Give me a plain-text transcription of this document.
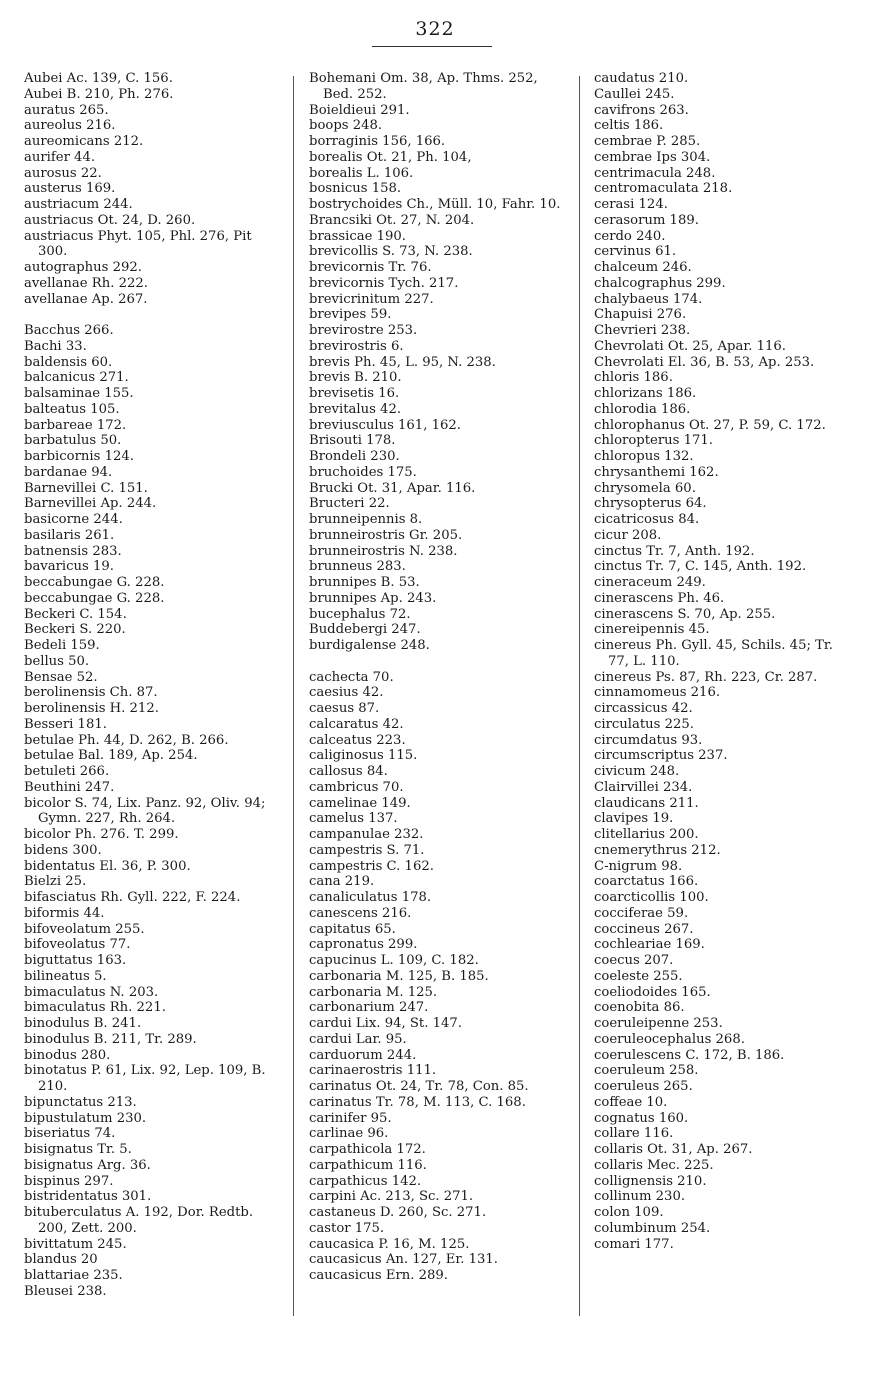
322
Aubei Ac. 139, C. 156.
Aubei B. 210, Ph. 276.
auratus 265.
aureolus 216.
aureomicans 212.
aurifer 44.
aurosus 22.
austerus 169.
austriacum 244.
austriacus Ot. 24, D. 260.
austriacus Phyt. 105, Phl. 276, Pit 300.
autographus 292.
avellanae Rh. 222.
avellanae Ap. 267.
Bacchus 266.
Bachi 33.
baldensis 60.
balcanicus 271.
balsaminae 155.
balteatus 105.
barbareae 172.
barbatulus 50.
barbicornis 124.
bardanae 94.
Barnevillei C. 151.
Barnevillei Ap. 244.
basicorne 244.
basilaris 261.
batnensis 283.
bavaricus 19.
beccabungae G. 228.
beccabungae G. 228.
Beckeri C. 154.
Beckeri S. 220.
Bedeli 159.
bellus 50.
Bensae 52.
berolinensis Ch. 87.
berolinensis H. 212.
Besseri 181.
betulae Ph. 44, D. 262, B. 266.
betulae Bal. 189, Ap. 254.
betuleti 266.
Beuthini 247.
bicolor S. 74, Lix. Panz. 92, Oliv. 94; Gymn. 227, Rh. 264.
bicolor Ph. 276. T. 299.
bidens 300.
bidentatus El. 36, P. 300.
Bielzi 25.
bifasciatus Rh. Gyll. 222, F. 224.
biformis 44.
bifoveolatum 255.
bifoveolatus 77.
biguttatus 163.
bilineatus 5.
bimaculatus N. 203.
bimaculatus Rh. 221.
binodulus B. 241.
binodulus B. 211, Tr. 289.
binodus 280.
binotatus P. 61, Lix. 92, Lep. 109, B. 210.
bipunctatus 213.
bipustulatum 230.
biseriatus 74.
bisignatus Tr. 5.
bisignatus Arg. 36.
bispinus 297.
bistridentatus 301.
bituberculatus A. 192, Dor. Redtb. 200, Zett. 200.
bivittatum 245.
blandus 20
blattariae 235.
Bleusei 238.
Bohemani Om. 38, Ap. Thms. 252, Bed. 252.
Boieldieui 291.
boops 248.
borraginis 156, 166.
borealis Ot. 21, Ph. 104,
borealis L. 106.
bosnicus 158.
bostrychoides Ch., Müll. 10, Fahr. 10.
Brancsiki Ot. 27, N. 204.
brassicae 190.
brevicollis S. 73, N. 238.
brevicornis Tr. 76.
brevicornis Tych. 217.
brevicrinitum 227.
brevipes 59.
brevirostre 253.
brevirostris 6.
brevis Ph. 45, L. 95, N. 238.
brevis B. 210.
brevisetis 16.
brevitalus 42.
breviusculus 161, 162.
Brisouti 178.
Brondeli 230.
bruchoides 175.
Brucki Ot. 31, Apar. 116.
Bructeri 22.
brunneipennis 8.
brunneirostris Gr. 205.
brunneirostris N. 238.
brunneus 283.
brunnipes B. 53.
brunnipes Ap. 243.
bucephalus 72.
Buddebergi 247.
burdigalense 248.
cachecta 70.
caesius 42.
caesus 87.
calcaratus 42.
calceatus 223.
caliginosus 115.
callosus 84.
cambricus 70.
camelinae 149.
camelus 137.
campanulae 232.
campestris S. 71.
campestris C. 162.
cana 219.
canaliculatus 178.
canescens 216.
capitatus 65.
capronatus 299.
capucinus L. 109, C. 182.
carbonaria M. 125, B. 185.
carbonaria M. 125.
carbonarium 247.
cardui Lix. 94, St. 147.
cardui Lar. 95.
carduorum 244.
carinaerostris 111.
carinatus Ot. 24, Tr. 78, Con. 85.
carinatus Tr. 78, M. 113, C. 168.
carinifer 95.
carlinae 96.
carpathicola 172.
carpathicum 116.
carpathicus 142.
carpini Ac. 213, Sc. 271.
castaneus D. 260, Sc. 271.
castor 175.
caucasica P. 16, M. 125.
caucasicus An. 127, Er. 131.
caucasicus Ern. 289.
caudatus 210.
Caullei 245.
cavifrons 263.
celtis 186.
cembrae P. 285.
cembrae Ips 304.
centrimacula 248.
centromaculata 218.
cerasi 124.
cerasorum 189.
cerdo 240.
cervinus 61.
chalceum 246.
chalcographus 299.
chalybaeus 174.
Chapuisi 276.
Chevrieri 238.
Chevrolati Ot. 25, Apar. 116.
Chevrolati El. 36, B. 53, Ap. 253.
chloris 186.
chlorizans 186.
chlorodia 186.
chlorophanus Ot. 27, P. 59, C. 172.
chloropterus 171.
chloropus 132.
chrysanthemi 162.
chrysomela 60.
chrysopterus 64.
cicatricosus 84.
cicur 208.
cinctus Tr. 7, Anth. 192.
cinctus Tr. 7, C. 145, Anth. 192.
cineraceum 249.
cinerascens Ph. 46.
cinerascens S. 70, Ap. 255.
cinereipennis 45.
cinereus Ph. Gyll. 45, Schils. 45; Tr. 77, L. 110.
cinereus Ps. 87, Rh. 223, Cr. 287.
cinnamomeus 216.
circassicus 42.
circulatus 225.
circumdatus 93.
circumscriptus 237.
civicum 248.
Clairvillei 234.
claudicans 211.
clavipes 19.
clitellarius 200.
cnemerythrus 212.
C-nigrum 98.
coarctatus 166.
coarcticollis 100.
cocciferae 59.
coccineus 267.
cochleariae 169.
coecus 207.
coeleste 255.
coeliodoides 165.
coenobita 86.
coeruleipenne 253.
coeruleocephalus 268.
coerulescens C. 172, B. 186.
coeruleum 258.
coeruleus 265.
coffeae 10.
cognatus 160.
collare 116.
collaris Ot. 31, Ap. 267.
collaris Mec. 225.
collignensis 210.
collinum 230.
colon 109.
columbinum 254.
comari 177.
